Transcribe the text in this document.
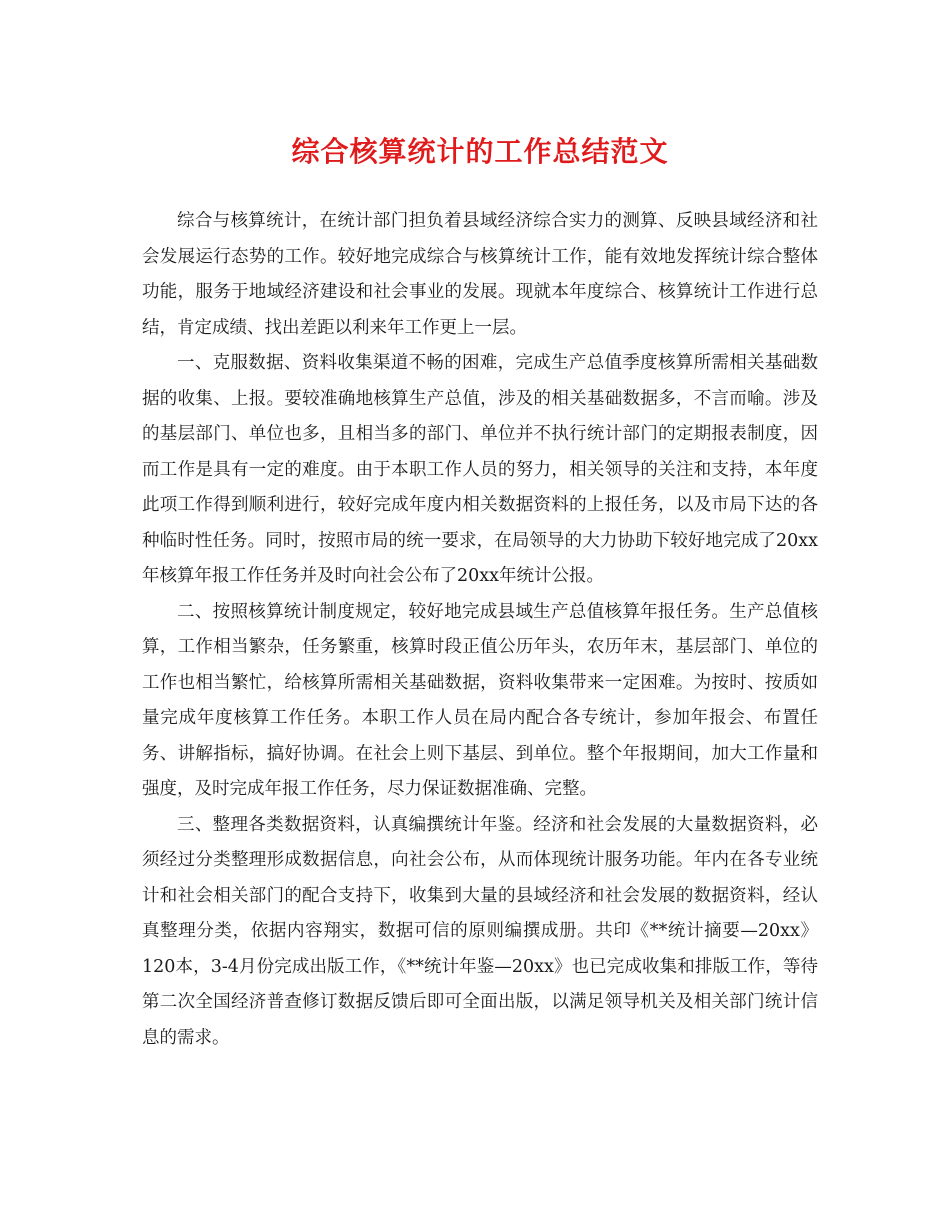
综合核算统计的工作总结范文

综合与核算统计，在统计部门担负着县域经济综合实力的测算、反映县域经济和社会发展运行态势的工作。较好地完成综合与核算统计工作，能有效地发挥统计综合整体功能，服务于地域经济建设和社会事业的发展。现就本年度综合、核算统计工作进行总结，肯定成绩、找出差距以利来年工作更上一层。

一、克服数据、资料收集渠道不畅的困难，完成生产总值季度核算所需相关基础数据的收集、上报。要较准确地核算生产总值，涉及的相关基础数据多，不言而喻。涉及的基层部门、单位也多，且相当多的部门、单位并不执行统计部门的定期报表制度，因而工作是具有一定的难度。由于本职工作人员的努力，相关领导的关注和支持，本年度此项工作得到顺利进行，较好完成年度内相关数据资料的上报任务，以及市局下达的各种临时性任务。同时，按照市局的统一要求，在局领导的大力协助下较好地完成了20xx年核算年报工作任务并及时向社会公布了20xx年统计公报。

二、按照核算统计制度规定，较好地完成县域生产总值核算年报任务。生产总值核算，工作相当繁杂，任务繁重，核算时段正值公历年头，农历年末，基层部门、单位的工作也相当繁忙，给核算所需相关基础数据，资料收集带来一定困难。为按时、按质如量完成年度核算工作任务。本职工作人员在局内配合各专统计，参加年报会、布置任务、讲解指标，搞好协调。在社会上则下基层、到单位。整个年报期间，加大工作量和强度，及时完成年报工作任务，尽力保证数据准确、完整。

三、整理各类数据资料，认真编撰统计年鉴。经济和社会发展的大量数据资料，必须经过分类整理形成数据信息，向社会公布，从而体现统计服务功能。年内在各专业统计和社会相关部门的配合支持下，收集到大量的县域经济和社会发展的数据资料，经认真整理分类，依据内容翔实，数据可信的原则编撰成册。共印《**统计摘要—20xx》120本，3-4月份完成出版工作，《**统计年鉴—20xx》也已完成收集和排版工作，等待第二次全国经济普查修订数据反馈后即可全面出版，以满足领导机关及相关部门统计信息的需求。
